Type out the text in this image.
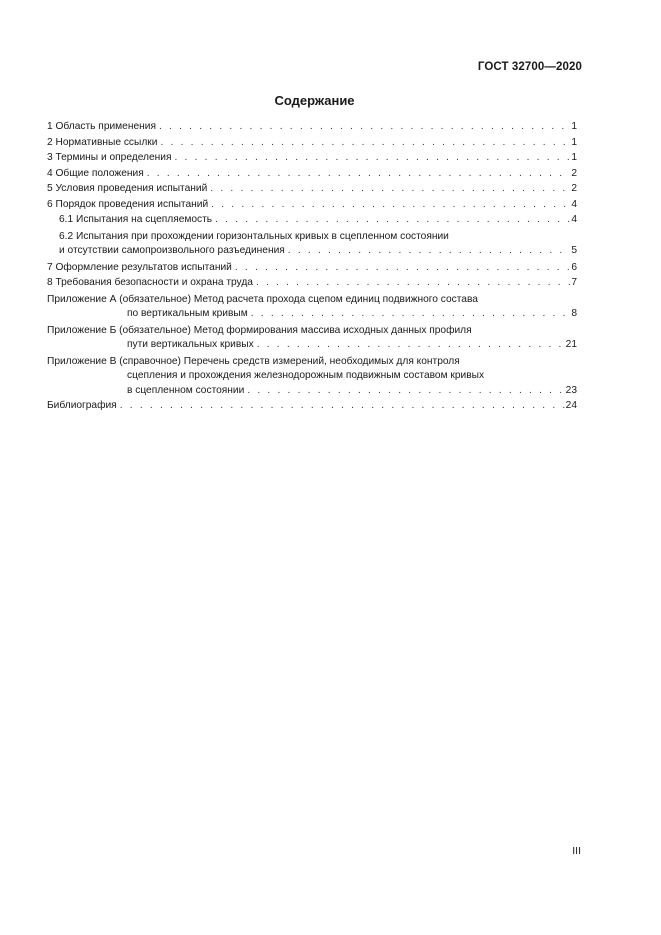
ГОСТ 32700—2020
Содержание
1 Область применения . . .	1
2 Нормативные ссылки . . .	1
3 Термины и определения . . .	1
4 Общие положения . . .	2
5 Условия проведения испытаний . . .	2
6 Порядок проведения испытаний . . .	4
6.1 Испытания на сцепляемость . . .	4
6.2 Испытания при прохождении горизонтальных кривых в сцепленном состоянии
и отсутствии самопроизвольного разъединения . . .	5
7 Оформление результатов испытаний . . .	6
8 Требования безопасности и охрана труда . . .	7
Приложение А (обязательное) Метод расчета прохода сцепом единиц подвижного состава
по вертикальным кривым . . .	8
Приложение Б (обязательное) Метод формирования массива исходных данных профиля
пути вертикальных кривых . . .	21
Приложение В (справочное) Перечень средств измерений, необходимых для контроля
сцепления и прохождения железнодорожным подвижным составом кривых
в сцепленном состоянии . . .	23
Библиография . . .	24
III
